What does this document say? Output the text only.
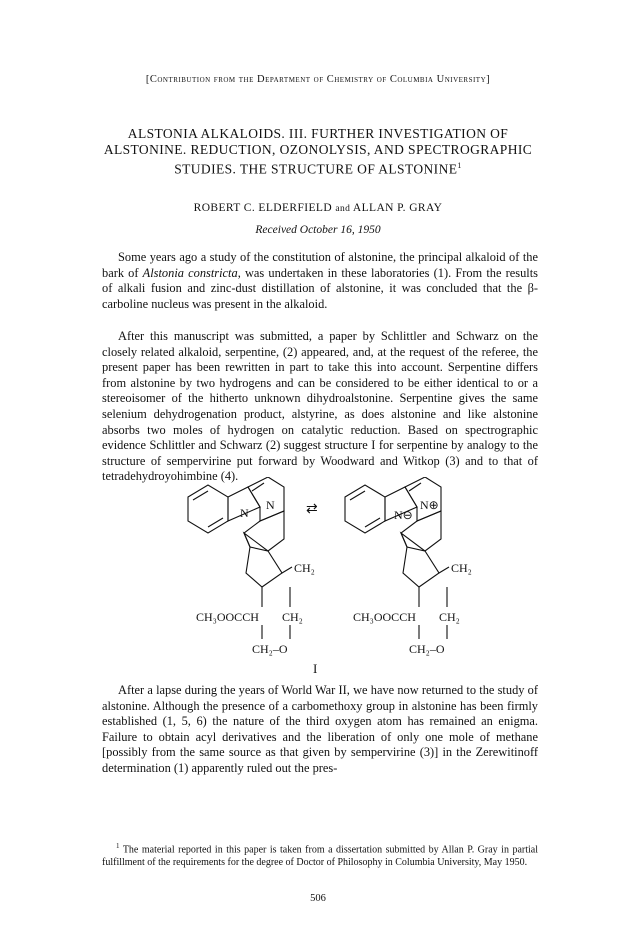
[Contribution from the Department of Chemistry of Columbia University]
ALSTONIA ALKALOIDS. III. FURTHER INVESTIGATION OF ALSTONINE. REDUCTION, OZONOLYSIS, AND SPECTROGRAPHIC STUDIES. THE STRUCTURE OF ALSTONINE$^1$
ROBERT C. ELDERFIELD and ALLAN P. GRAY
Received October 16, 1950

Some years ago a study of the constitution of alstonine, the principal alkaloid of the bark of Alstonia constricta, was undertaken in these laboratories (1). From the results of alkali fusion and zinc-dust distillation of alstonine, it was concluded that the β-carboline nucleus was present in the alkaloid.

After this manuscript was submitted, a paper by Schlittler and Schwarz on the closely related alkaloid, serpentine, (2) appeared, and, at the request of the referee, the present paper has been rewritten in part to take this into account. Serpentine differs from alstonine by two hydrogens and can be considered to be either identical to or a stereoisomer of the hitherto unknown dihydroalstonine. Serpentine gives the same selenium dehydrogenation product, alstyrine, as does alstonine and like alstonine absorbs two moles of hydrogen on catalytic reduction. Based on spectrographic evidence Schlittler and Schwarz (2) suggest structure I for serpentine by analogy to the structure of sempervirine put forward by Woodward and Witkop (3) and to that of tetradehydroyohimbine (4).

N
N
CH₂
CH₃OOCCH CH₂
CH₂–O
⇄	N⊖
N⊕
CH₂
CH₃OOCCH CH₂
CH₂–O
I

After a lapse during the years of World War II, we have now returned to the study of alstonine. Although the presence of a carbomethoxy group in alstonine has been firmly established (1, 5, 6) the nature of the third oxygen atom has remained an enigma. Failure to obtain acyl derivatives and the liberation of only one mole of methane [possibly from the same source as that given by sempervirine (3)] in the Zerewitinoff determination (1) apparently ruled out the pres-

$^1$ The material reported in this paper is taken from a dissertation submitted by Allan P. Gray in partial fulfillment of the requirements for the degree of Doctor of Philosophy in Columbia University, May 1950.

506
